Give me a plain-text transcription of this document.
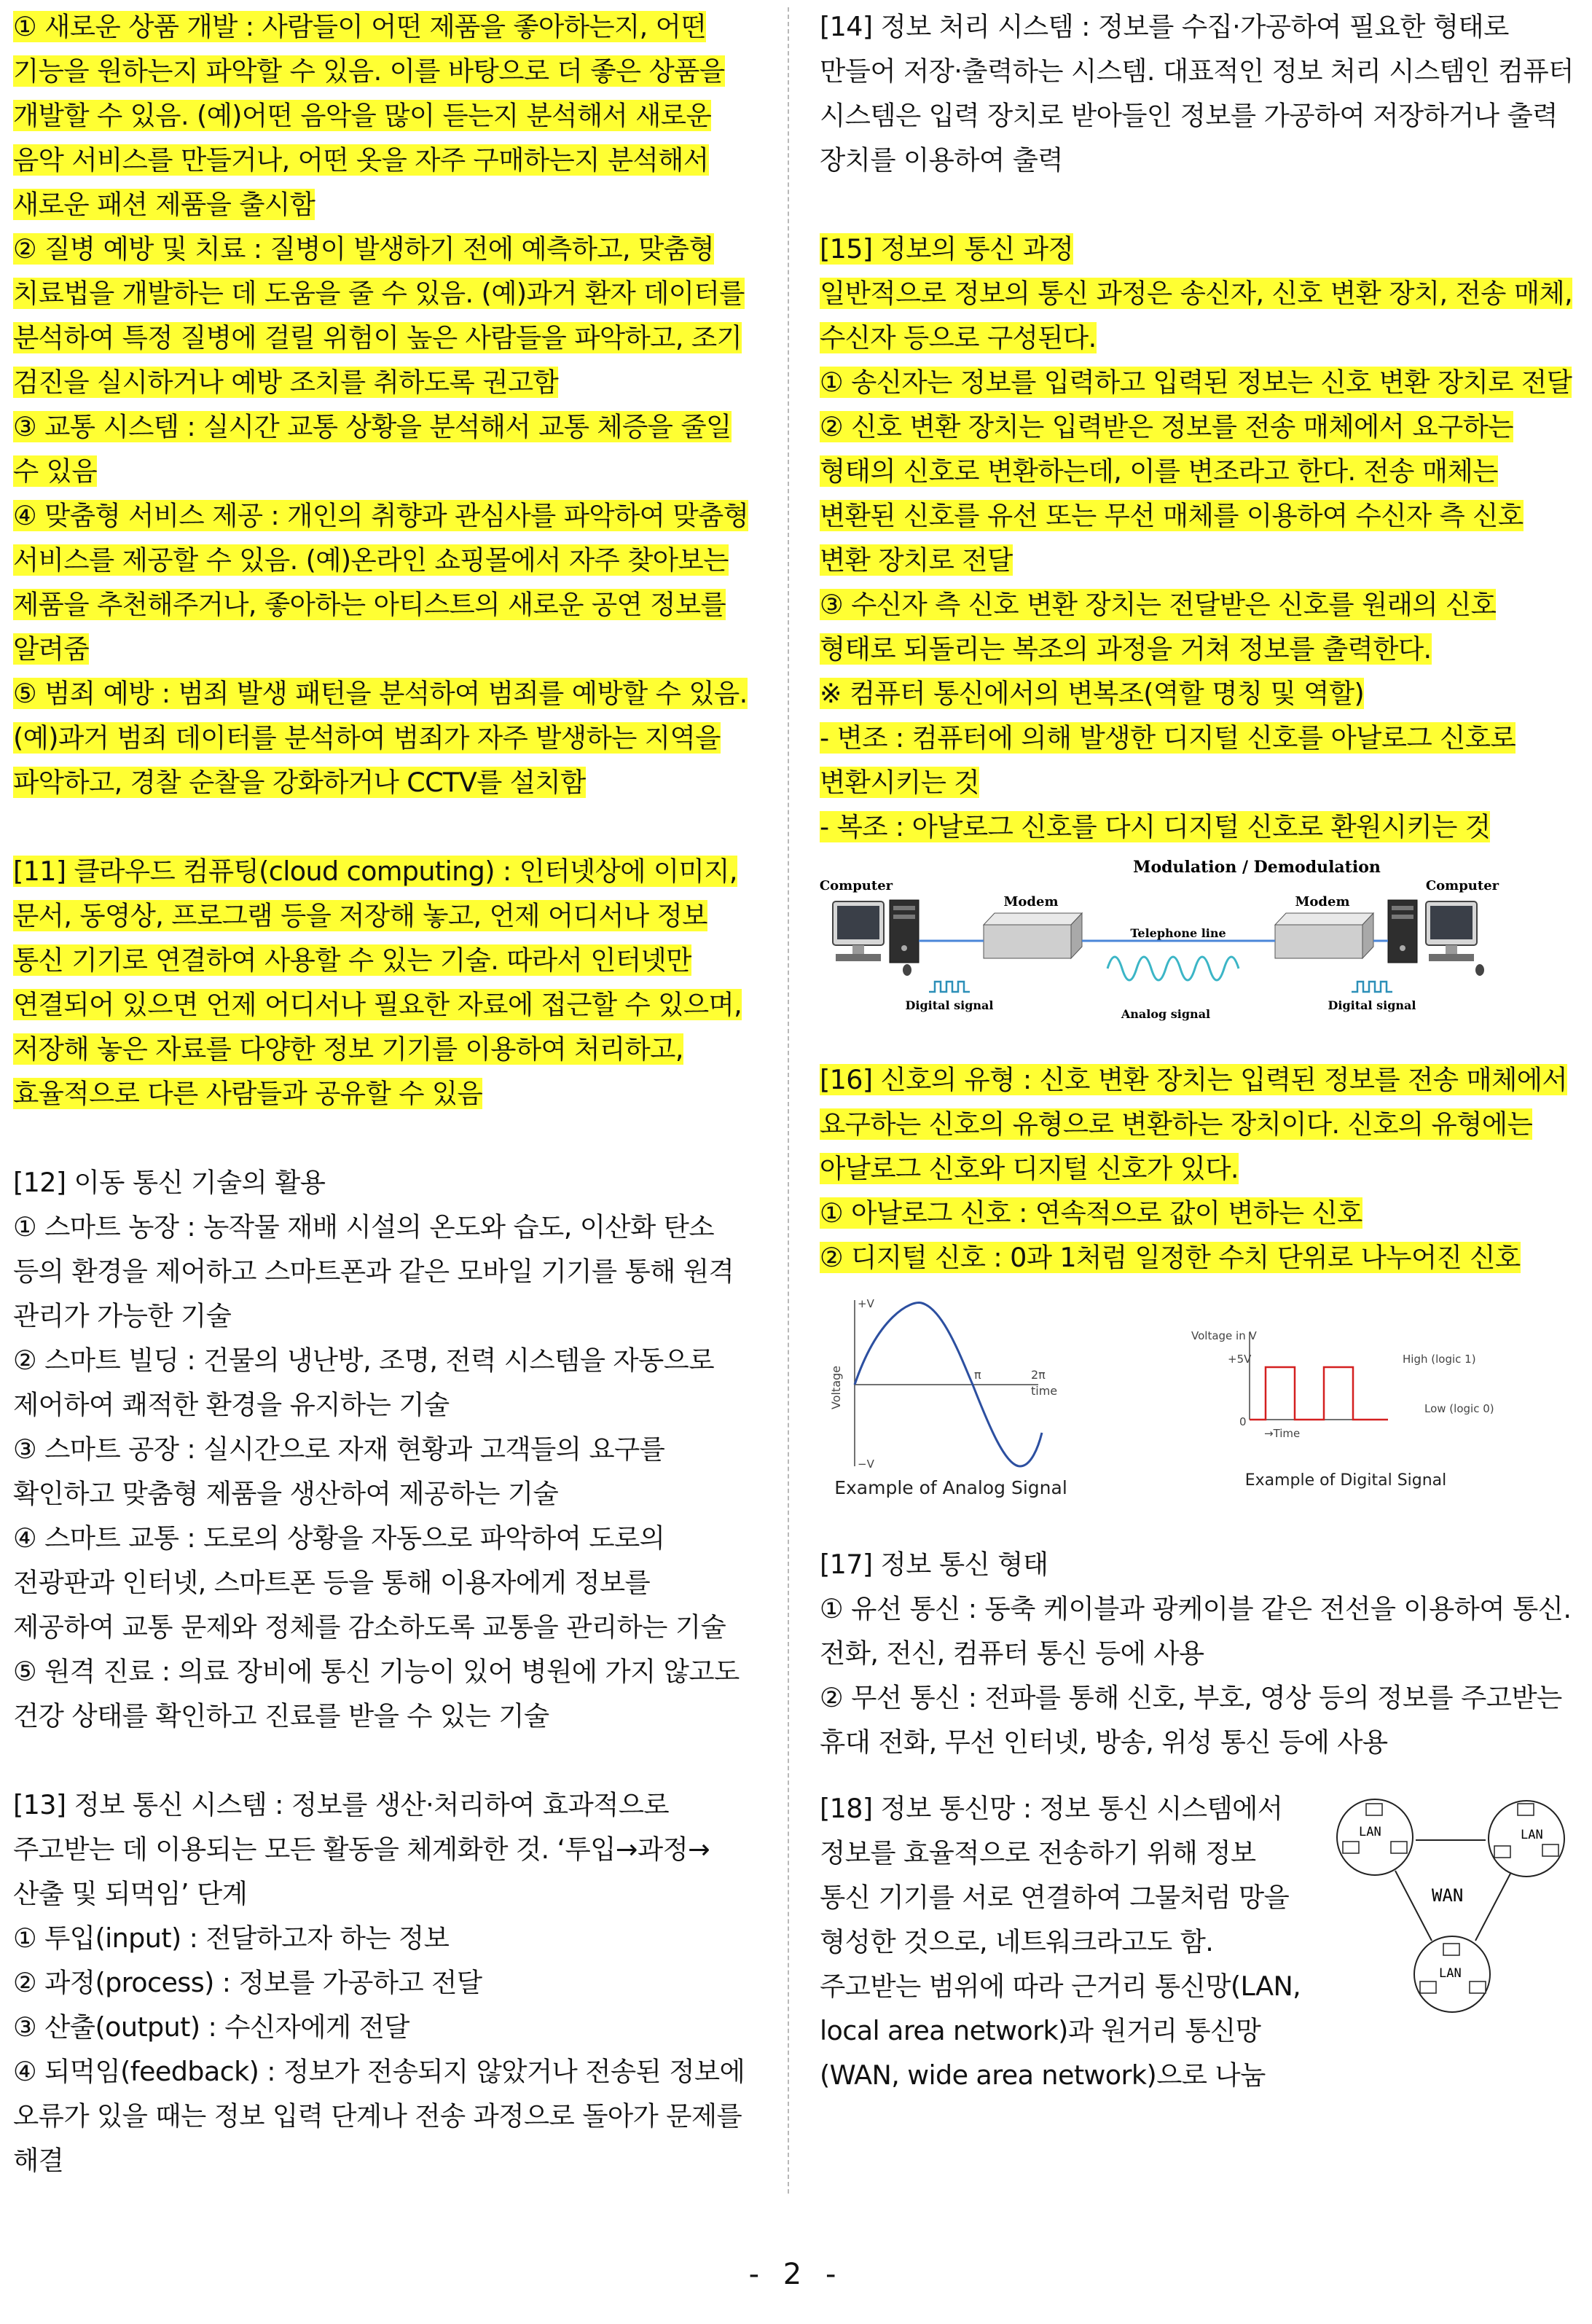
① 새로운 상품 개발 : 사람들이 어떤 제품을 좋아하는지, 어떤 기능을 원하는지 파악할 수 있음. 이를 바탕으로 더 좋은 상품을 개발할 수 있음. (예)어떤 음악을 많이 듣는지 분석해서 새로운 음악 서비스를 만들거나, 어떤 옷을 자주 구매하는지 분석해서 새로운 패션 제품을 출시함

② 질병 예방 및 치료 : 질병이 발생하기 전에 예측하고, 맞춤형 치료법을 개발하는 데 도움을 줄 수 있음. (예)과거 환자 데이터를 분석하여 특정 질병에 걸릴 위험이 높은 사람들을 파악하고, 조기 검진을 실시하거나 예방 조치를 취하도록 권고함

③ 교통 시스템 : 실시간 교통 상황을 분석해서 교통 체증을 줄일 수 있음

④ 맞춤형 서비스 제공 : 개인의 취향과 관심사를 파악하여 맞춤형 서비스를 제공할 수 있음. (예)온라인 쇼핑몰에서 자주 찾아보는 제품을 추천해주거나, 좋아하는 아티스트의 새로운 공연 정보를 알려줌

⑤ 범죄 예방 : 범죄 발생 패턴을 분석하여 범죄를 예방할 수 있음. (예)과거 범죄 데이터를 분석하여 범죄가 자주 발생하는 지역을 파악하고, 경찰 순찰을 강화하거나 CCTV를 설치함

[11] 클라우드 컴퓨팅(cloud computing) : 인터넷상에 이미지, 문서, 동영상, 프로그램 등을 저장해 놓고, 언제 어디서나 정보 통신 기기로 연결하여 사용할 수 있는 기술. 따라서 인터넷만 연결되어 있으면 언제 어디서나 필요한 자료에 접근할 수 있으며, 저장해 놓은 자료를 다양한 정보 기기를 이용하여 처리하고, 효율적으로 다른 사람들과 공유할 수 있음

[12] 이동 통신 기술의 활용

① 스마트 농장 : 농작물 재배 시설의 온도와 습도, 이산화 탄소 등의 환경을 제어하고 스마트폰과 같은 모바일 기기를 통해 원격 관리가 가능한 기술

② 스마트 빌딩 : 건물의 냉난방, 조명, 전력 시스템을 자동으로 제어하여 쾌적한 환경을 유지하는 기술

③ 스마트 공장 : 실시간으로 자재 현황과 고객들의 요구를 확인하고 맞춤형 제품을 생산하여 제공하는 기술

④ 스마트 교통 : 도로의 상황을 자동으로 파악하여 도로의 전광판과 인터넷, 스마트폰 등을 통해 이용자에게 정보를 제공하여 교통 문제와 정체를 감소하도록 교통을 관리하는 기술

⑤ 원격 진료 : 의료 장비에 통신 기능이 있어 병원에 가지 않고도 건강 상태를 확인하고 진료를 받을 수 있는 기술

[13] 정보 통신 시스템 : 정보를 생산·처리하여 효과적으로 주고받는 데 이용되는 모든 활동을 체계화한 것. ‘투입→과정→산출 및 되먹임’ 단계

① 투입(input) : 전달하고자 하는 정보

② 과정(process) : 정보를 가공하고 전달

③ 산출(output) : 수신자에게 전달

④ 되먹임(feedback) : 정보가 전송되지 않았거나 전송된 정보에 오류가 있을 때는 정보 입력 단계나 전송 과정으로 돌아가 문제를 해결

[14] 정보 처리 시스템 : 정보를 수집·가공하여 필요한 형태로 만들어 저장·출력하는 시스템. 대표적인 정보 처리 시스템인 컴퓨터 시스템은 입력 장치로 받아들인 정보를 가공하여 저장하거나 출력 장치를 이용하여 출력

[15] 정보의 통신 과정

일반적으로 정보의 통신 과정은 송신자, 신호 변환 장치, 전송 매체, 수신자 등으로 구성된다.

① 송신자는 정보를 입력하고 입력된 정보는 신호 변환 장치로 전달

② 신호 변환 장치는 입력받은 정보를 전송 매체에서 요구하는 형태의 신호로 변환하는데, 이를 변조라고 한다. 전송 매체는 변환된 신호를 유선 또는 무선 매체를 이용하여 수신자 측 신호 변환 장치로 전달

③ 수신자 측 신호 변환 장치는 전달받은 신호를 원래의 신호 형태로 되돌리는 복조의 과정을 거쳐 정보를 출력한다.

※ 컴퓨터 통신에서의 변복조(역할 명칭 및 역할)

- 변조 : 컴퓨터에 의해 발생한 디지털 신호를 아날로그 신호로 변환시키는 것

- 복조 : 아날로그 신호를 다시 디지털 신호로 환원시키는 것

Modulation / Demodulation
Computer	Computer
Modem	Modem
Telephone line
Digital signal	Digital signal
Analog signal

[16] 신호의 유형 : 신호 변환 장치는 입력된 정보를 전송 매체에서 요구하는 신호의 유형으로 변환하는 장치이다. 신호의 유형에는 아날로그 신호와 디지털 신호가 있다.

① 아날로그 신호 : 연속적으로 값이 변하는 신호

② 디지털 신호 : 0과 1처럼 일정한 수치 단위로 나누어진 신호

+V
−V
π	2π
time
Voltage
Example of Analog Signal
Voltage in V
+5V
0
High (logic 1)
Low (logic 0)
→Time
Example of Digital Signal

[17] 정보 통신 형태

① 유선 통신 : 동축 케이블과 광케이블 같은 전선을 이용하여 통신. 전화, 전신, 컴퓨터 통신 등에 사용

② 무선 통신 : 전파를 통해 신호, 부호, 영상 등의 정보를 주고받는 휴대 전화, 무선 인터넷, 방송, 위성 통신 등에 사용

[18] 정보 통신망 : 정보 통신 시스템에서 정보를 효율적으로 전송하기 위해 정보 통신 기기를 서로 연결하여 그물처럼 망을 형성한 것으로, 네트워크라고도 함. 주고받는 범위에 따라 근거리 통신망(LAN, local area network)과 원거리 통신망(WAN, wide area network)으로 나눔

LAN	LAN
LAN
WAN
- 2 -
